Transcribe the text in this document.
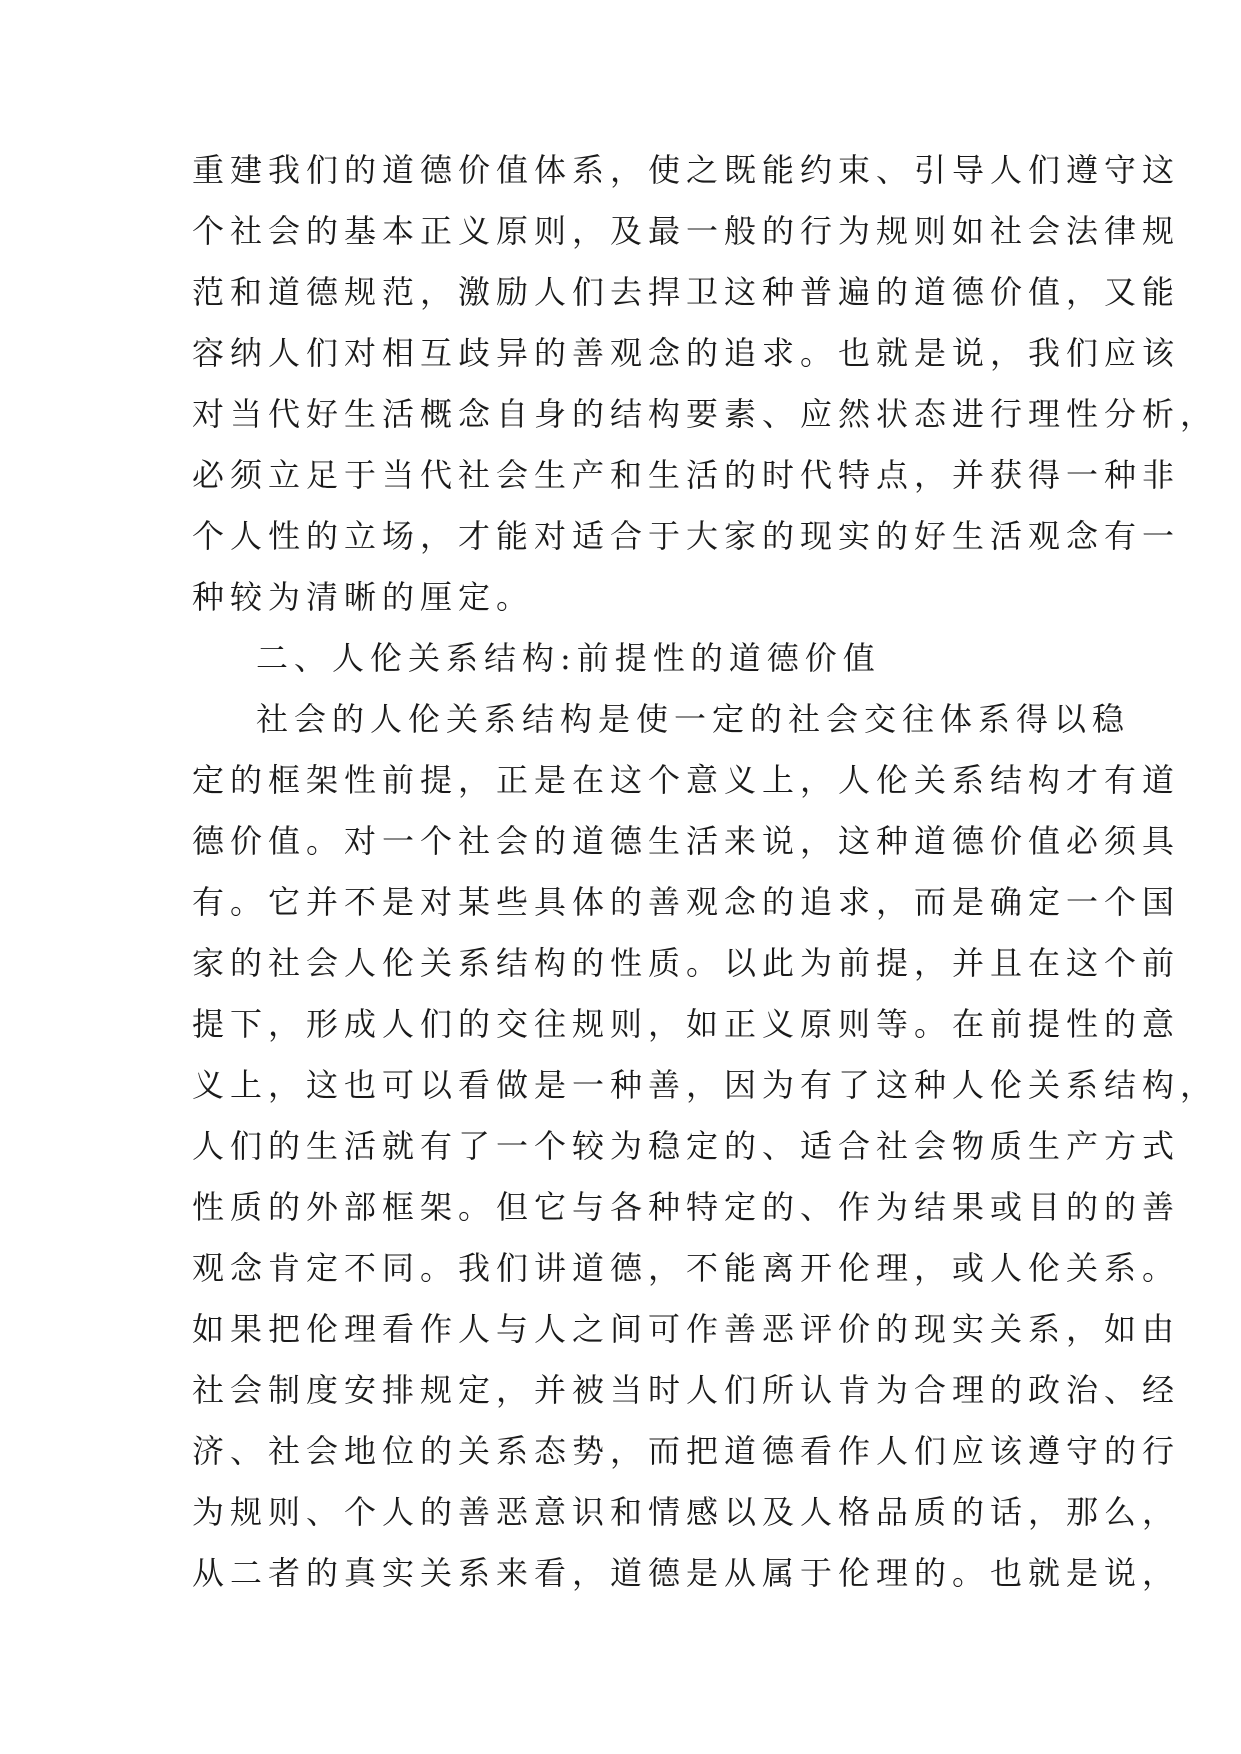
重建我们的道德价值体系，使之既能约束、引导人们遵守这
个社会的基本正义原则，及最一般的行为规则如社会法律规
范和道德规范，激励人们去捍卫这种普遍的道德价值，又能
容纳人们对相互歧异的善观念的追求。也就是说，我们应该
对当代好生活概念自身的结构要素、应然状态进行理性分析，
必须立足于当代社会生产和生活的时代特点，并获得一种非
个人性的立场，才能对适合于大家的现实的好生活观念有一
种较为清晰的厘定。
二、人伦关系结构:前提性的道德价值
社会的人伦关系结构是使一定的社会交往体系得以稳
定的框架性前提，正是在这个意义上，人伦关系结构才有道
德价值。对一个社会的道德生活来说，这种道德价值必须具
有。它并不是对某些具体的善观念的追求，而是确定一个国
家的社会人伦关系结构的性质。以此为前提，并且在这个前
提下，形成人们的交往规则，如正义原则等。在前提性的意
义上，这也可以看做是一种善，因为有了这种人伦关系结构，
人们的生活就有了一个较为稳定的、适合社会物质生产方式
性质的外部框架。但它与各种特定的、作为结果或目的的善
观念肯定不同。我们讲道德，不能离开伦理，或人伦关系。
如果把伦理看作人与人之间可作善恶评价的现实关系，如由
社会制度安排规定，并被当时人们所认肯为合理的政治、经
济、社会地位的关系态势，而把道德看作人们应该遵守的行
为规则、个人的善恶意识和情感以及人格品质的话，那么，
从二者的真实关系来看，道德是从属于伦理的。也就是说，
